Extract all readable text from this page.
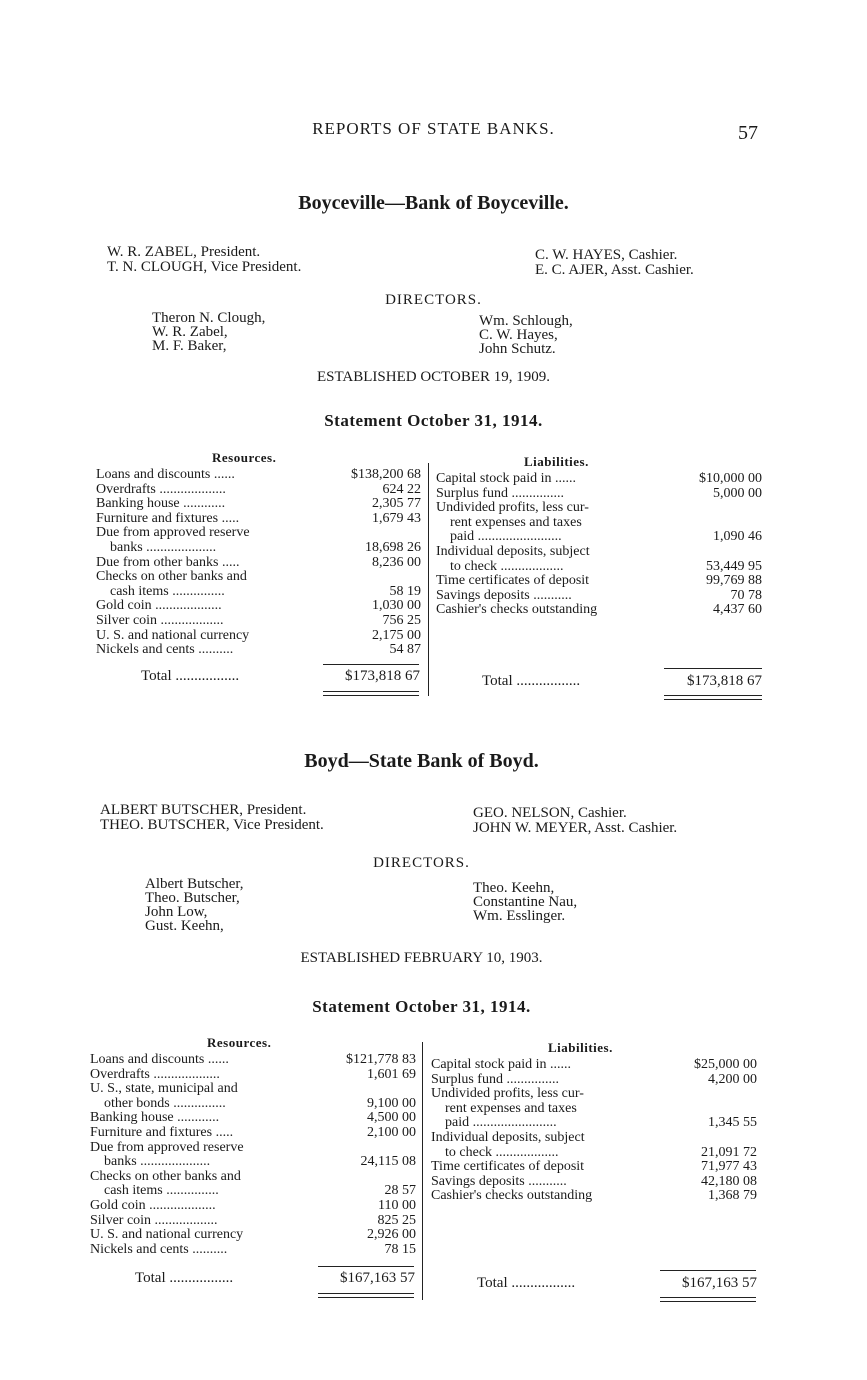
REPORTS OF STATE BANKS.	57
Boyceville—Bank of Boyceville.
W. R. ZABEL, President.
T. N. CLOUGH, Vice President.
C. W. HAYES, Cashier.
E. C. AJER, Asst. Cashier.
DIRECTORS.
Theron N. Clough,
W. R. Zabel,
M. F. Baker,
Wm. Schlough,
C. W. Hayes,
John Schutz.
ESTABLISHED OCTOBER 19, 1909.
Statement October 31, 1914.
Resources.	Liabilities.
Loans and discounts ......	$138,200 68
Overdrafts ...................	624 22
Banking house ............	2,305 77
Furniture and fixtures .....	1,679 43
Due from approved reserve
banks ....................	18,698 26
Due from other banks .....	8,236 00
Checks on other banks and
cash items ...............	58 19
Gold coin ...................	1,030 00
Silver coin ..................	756 25
U. S. and national currency	2,175 00
Nickels and cents ..........	54 87
Capital stock paid in ......	$10,000 00
Surplus fund ...............	5,000 00
Undivided profits, less cur-
rent expenses and taxes
paid ........................	1,090 46
Individual deposits, subject
to check ..................	53,449 95
Time certificates of deposit	99,769 88
Savings deposits ...........	70 78
Cashier's checks outstanding	4,437 60
Total .................	$173,818 67	Total .................	$173,818 67
Boyd—State Bank of Boyd.
ALBERT BUTSCHER, President.
THEO. BUTSCHER, Vice President.
GEO. NELSON, Cashier.
JOHN W. MEYER, Asst. Cashier.
DIRECTORS.
Albert Butscher,
Theo. Butscher,
John Low,
Gust. Keehn,
Theo. Keehn,
Constantine Nau,
Wm. Esslinger.
ESTABLISHED FEBRUARY 10, 1903.
Statement October 31, 1914.
Resources.	Liabilities.
Loans and discounts ......	$121,778 83
Overdrafts ...................	1,601 69
U. S., state, municipal and
other bonds ...............	9,100 00
Banking house ............	4,500 00
Furniture and fixtures .....	2,100 00
Due from approved reserve
banks ....................	24,115 08
Checks on other banks and
cash items ...............	28 57
Gold coin ...................	110 00
Silver coin ..................	825 25
U. S. and national currency	2,926 00
Nickels and cents ..........	78 15
Capital stock paid in ......	$25,000 00
Surplus fund ...............	4,200 00
Undivided profits, less cur-
rent expenses and taxes
paid ........................	1,345 55
Individual deposits, subject
to check ..................	21,091 72
Time certificates of deposit	71,977 43
Savings deposits ...........	42,180 08
Cashier's checks outstanding	1,368 79
Total .................	$167,163 57	Total .................	$167,163 57
